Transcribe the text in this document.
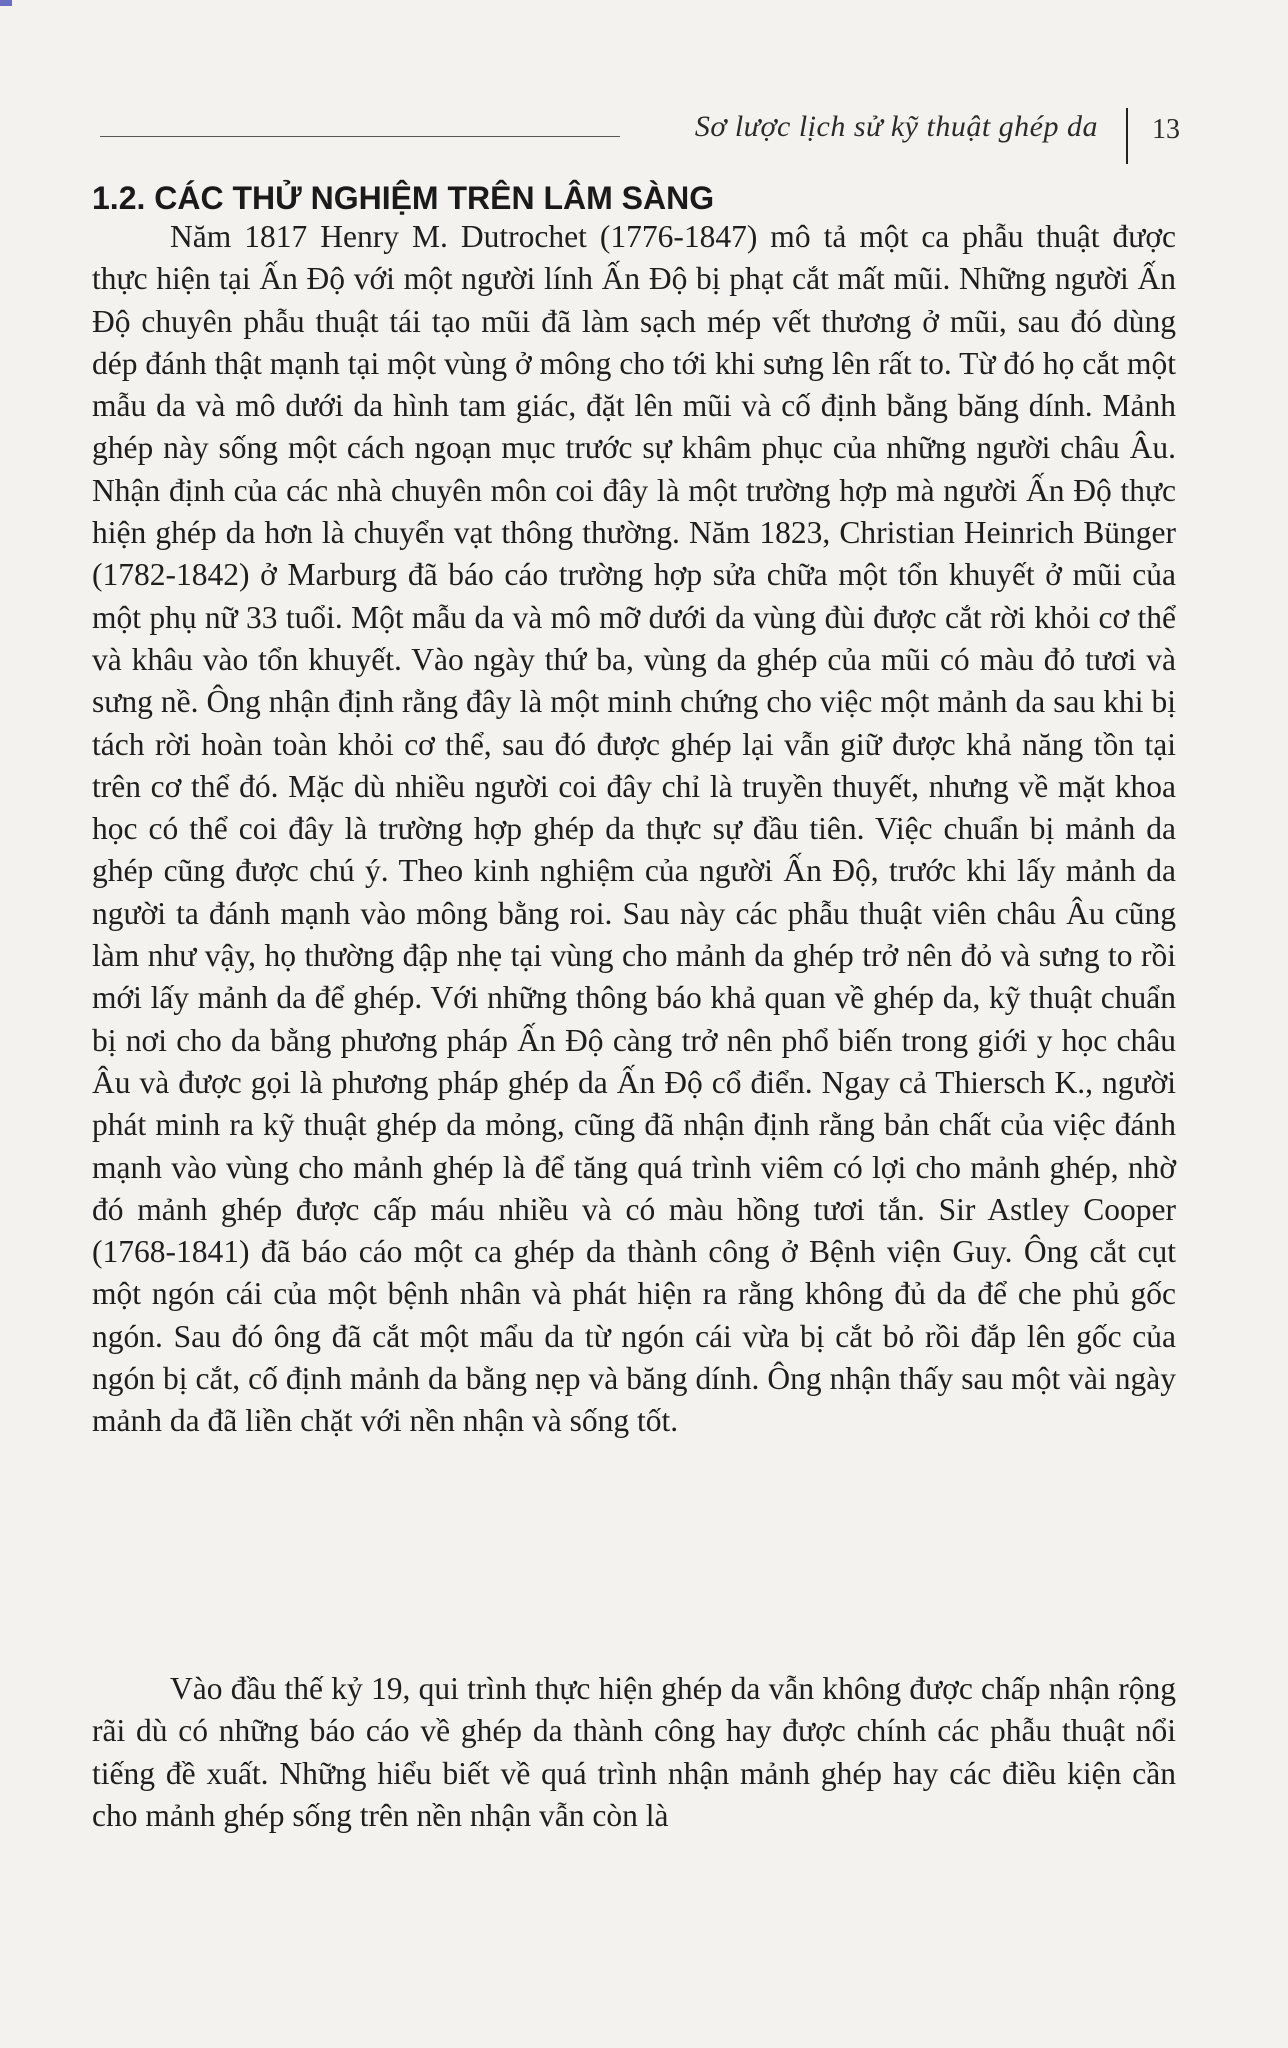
Sơ lược lịch sử kỹ thuật ghép da 13
1.2. CÁC THỬ NGHIỆM TRÊN LÂM SÀNG

Năm 1817 Henry M. Dutrochet (1776-1847) mô tả một ca phẫu thuật được thực hiện tại Ấn Độ với một người lính Ấn Độ bị phạt cắt mất mũi. Những người Ấn Độ chuyên phẫu thuật tái tạo mũi đã làm sạch mép vết thương ở mũi, sau đó dùng dép đánh thật mạnh tại một vùng ở mông cho tới khi sưng lên rất to. Từ đó họ cắt một mẫu da và mô dưới da hình tam giác, đặt lên mũi và cố định bằng băng dính. Mảnh ghép này sống một cách ngoạn mục trước sự khâm phục của những người châu Âu. Nhận định của các nhà chuyên môn coi đây là một trường hợp mà người Ấn Độ thực hiện ghép da hơn là chuyển vạt thông thường. Năm 1823, Christian Heinrich Bünger (1782-1842) ở Marburg đã báo cáo trường hợp sửa chữa một tổn khuyết ở mũi của một phụ nữ 33 tuổi. Một mẫu da và mô mỡ dưới da vùng đùi được cắt rời khỏi cơ thể và khâu vào tổn khuyết. Vào ngày thứ ba, vùng da ghép của mũi có màu đỏ tươi và sưng nề. Ông nhận định rằng đây là một minh chứng cho việc một mảnh da sau khi bị tách rời hoàn toàn khỏi cơ thể, sau đó được ghép lại vẫn giữ được khả năng tồn tại trên cơ thể đó. Mặc dù nhiều người coi đây chỉ là truyền thuyết, nhưng về mặt khoa học có thể coi đây là trường hợp ghép da thực sự đầu tiên. Việc chuẩn bị mảnh da ghép cũng được chú ý. Theo kinh nghiệm của người Ấn Độ, trước khi lấy mảnh da người ta đánh mạnh vào mông bằng roi. Sau này các phẫu thuật viên châu Âu cũng làm như vậy, họ thường đập nhẹ tại vùng cho mảnh da ghép trở nên đỏ và sưng to rồi mới lấy mảnh da để ghép. Với những thông báo khả quan về ghép da, kỹ thuật chuẩn bị nơi cho da bằng phương pháp Ấn Độ càng trở nên phổ biến trong giới y học châu Âu và được gọi là phương pháp ghép da Ấn Độ cổ điển. Ngay cả Thiersch K., người phát minh ra kỹ thuật ghép da mỏng, cũng đã nhận định rằng bản chất của việc đánh mạnh vào vùng cho mảnh ghép là để tăng quá trình viêm có lợi cho mảnh ghép, nhờ đó mảnh ghép được cấp máu nhiều và có màu hồng tươi tắn. Sir Astley Cooper (1768-1841) đã báo cáo một ca ghép da thành công ở Bệnh viện Guy. Ông cắt cụt một ngón cái của một bệnh nhân và phát hiện ra rằng không đủ da để che phủ gốc ngón. Sau đó ông đã cắt một mẩu da từ ngón cái vừa bị cắt bỏ rồi đắp lên gốc của ngón bị cắt, cố định mảnh da bằng nẹp và băng dính. Ông nhận thấy sau một vài ngày mảnh da đã liền chặt với nền nhận và sống tốt.

Vào đầu thế kỷ 19, qui trình thực hiện ghép da vẫn không được chấp nhận rộng rãi dù có những báo cáo về ghép da thành công hay được chính các phẫu thuật nổi tiếng đề xuất. Những hiểu biết về quá trình nhận mảnh ghép hay các điều kiện cần cho mảnh ghép sống trên nền nhận vẫn còn là
